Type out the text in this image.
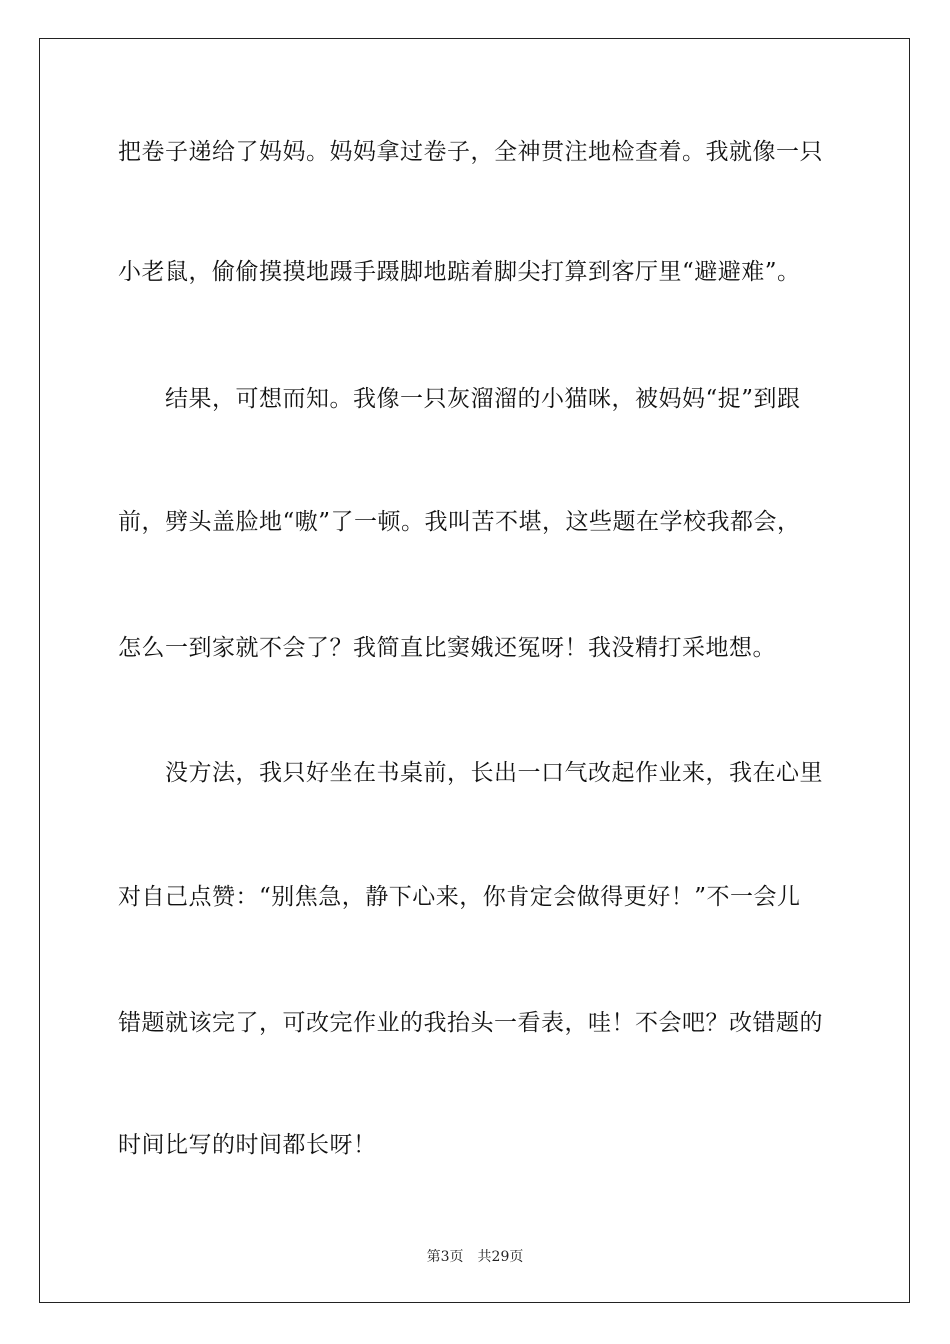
把卷子递给了妈妈。妈妈拿过卷子，全神贯注地检查着。我就像一只
小老鼠，偷偷摸摸地蹑手蹑脚地踮着脚尖打算到客厅里“避避难”。
结果，可想而知。我像一只灰溜溜的小猫咪，被妈妈“捉”到跟
前，劈头盖脸地“嗷”了一顿。我叫苦不堪，这些题在学校我都会，
怎么一到家就不会了？我简直比窦娥还冤呀！我没精打采地想。
没方法，我只好坐在书桌前，长出一口气改起作业来，我在心里
对自己点赞：“别焦急，静下心来，你肯定会做得更好！”不一会儿
错题就该完了，可改完作业的我抬头一看表，哇！不会吧？改错题的
时间比写的时间都长呀！
第3页 共29页
